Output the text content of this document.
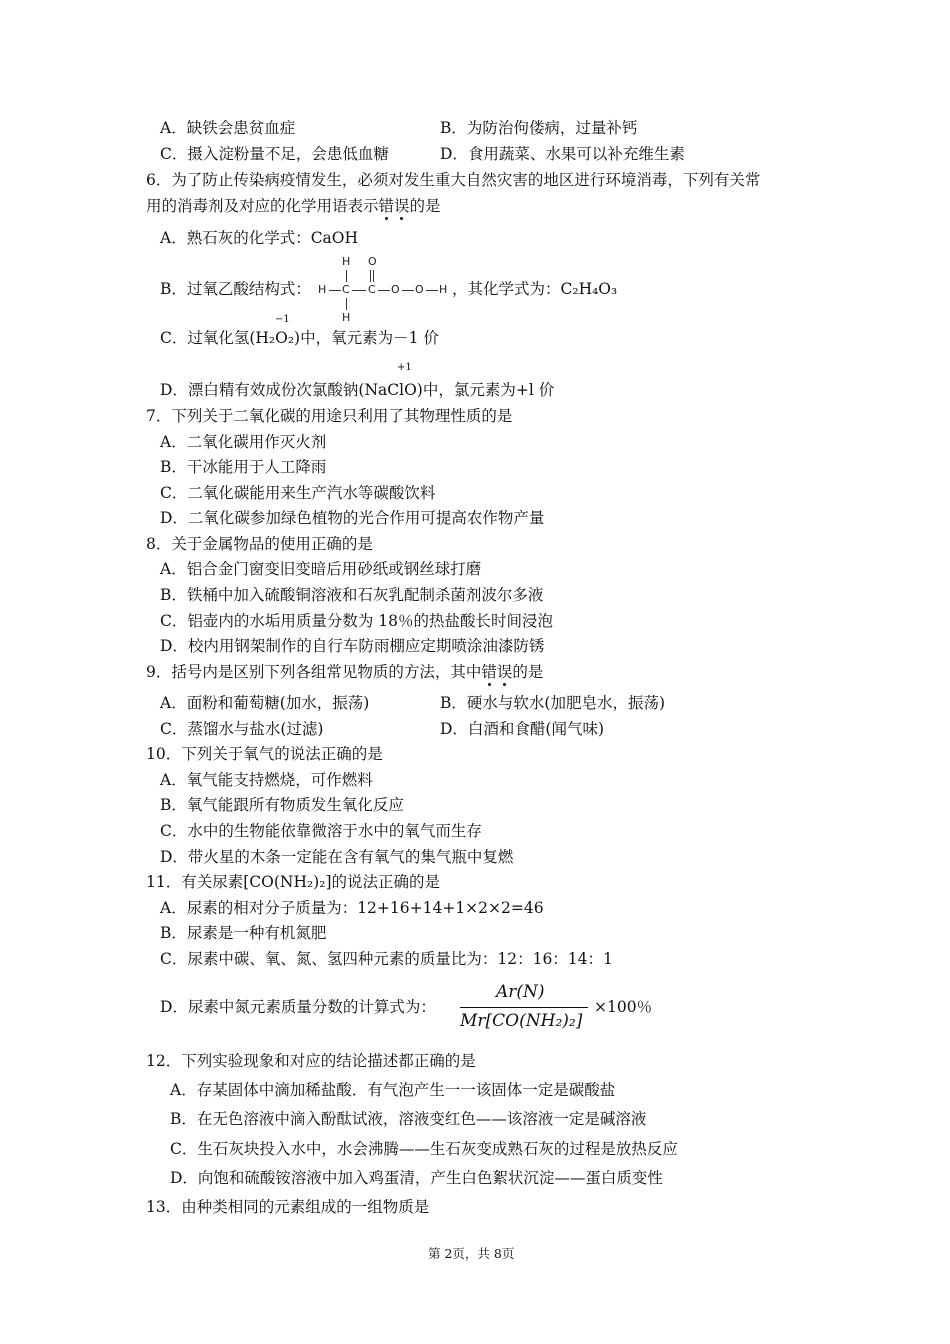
A．缺铁会患贫血症	B．为防治佝偻病，过量补钙
C．摄入淀粉量不足，会患低血糖	D．食用蔬菜、水果可以补充维生素
6．为了防止传染病疫情发生，必须对发生重大自然灾害的地区进行环境消毒，下列有关常
用的消毒剂及对应的化学用语表示错误的是
A．熟石灰的化学式：CaOH
B．过氧乙酸结构式：
H O
H C C O O H
H
，其化学式为：C₂H₄O₃
−1
C．过氧化氢(H₂O₂)中，氧元素为－1 价
+1
D．漂白精有效成份次氯酸钠(NaClO)中，氯元素为+l 价
7．下列关于二氧化碳的用途只利用了其物理性质的是
A．二氧化碳用作灭火剂
B．干冰能用于人工降雨
C．二氧化碳能用来生产汽水等碳酸饮料
D．二氧化碳参加绿色植物的光合作用可提高农作物产量
8．关于金属物品的使用正确的是
A．铝合金门窗变旧变暗后用砂纸或钢丝球打磨
B．铁桶中加入硫酸铜溶液和石灰乳配制杀菌剂波尔多液
C．铝壶内的水垢用质量分数为 18％的热盐酸长时间浸泡
D．校内用钢架制作的自行车防雨棚应定期喷涂油漆防锈
9．括号内是区别下列各组常见物质的方法，其中错误的是
A．面粉和葡萄糖(加水，振荡)	B．硬水与软水(加肥皂水，振荡)
C．蒸馏水与盐水(过滤)	D．白酒和食醋(闻气味)
10．下列关于氧气的说法正确的是
A．氧气能支持燃烧，可作燃料
B．氧气能跟所有物质发生氧化反应
C．水中的生物能依靠微溶于水中的氧气而生存
D．带火星的木条一定能在含有氧气的集气瓶中复燃
11．有关尿素[CO(NH₂)₂]的说法正确的是
A．尿素的相对分子质量为：12+16+14+1×2×2=46
B．尿素是一种有机氮肥
C．尿素中碳、氧、氮、氢四种元素的质量比为：12：16：14：1
D．尿素中氮元素质量分数的计算式为：
Ar(N)
Mr[CO(NH₂)₂]
×100％
12．下列实验现象和对应的结论描述都正确的是
A．存某固体中滴加稀盐酸．有气泡产生一一该固体一定是碳酸盐
B．在无色溶液中滴入酚酞试液，溶液变红色——该溶液一定是碱溶液
C．生石灰块投入水中，水会沸腾——生石灰变成熟石灰的过程是放热反应
D．向饱和硫酸铵溶液中加入鸡蛋清，产生白色絮状沉淀——蛋白质变性
13．由种类相同的元素组成的一组物质是
第 2页，共 8页
